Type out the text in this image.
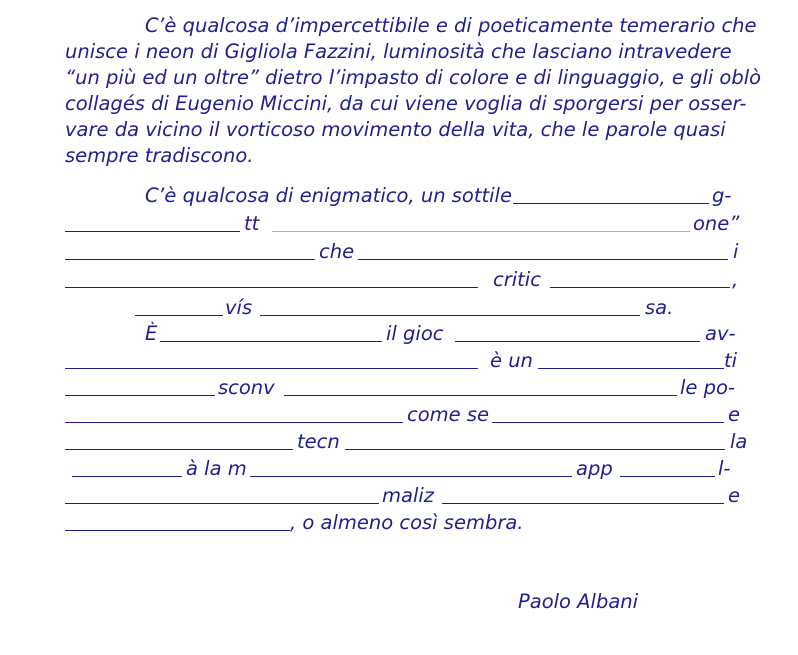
C’è qualcosa d’impercettibile e di poeticamente temerario che
unisce i neon di Gigliola Fazzini, luminosità che lasciano intravedere
“un più ed un oltre” dietro l’impasto di colore e di linguaggio, e gli oblò
collagés di Eugenio Miccini, da cui viene voglia di sporgersi per osser-
vare da vicino il vorticoso movimento della vita, che le parole quasi
sempre tradiscono.
C’è qualcosa di enigmatico, un sottile	g-
tt	one”
che	i
critic	,
vís	sa.
È	il gioc	av-
è un	ti
sconv	le po-
come se	e
tecn	la
à la m	app	l-
maliz	e
, o almeno così sembra.
Paolo Albani
